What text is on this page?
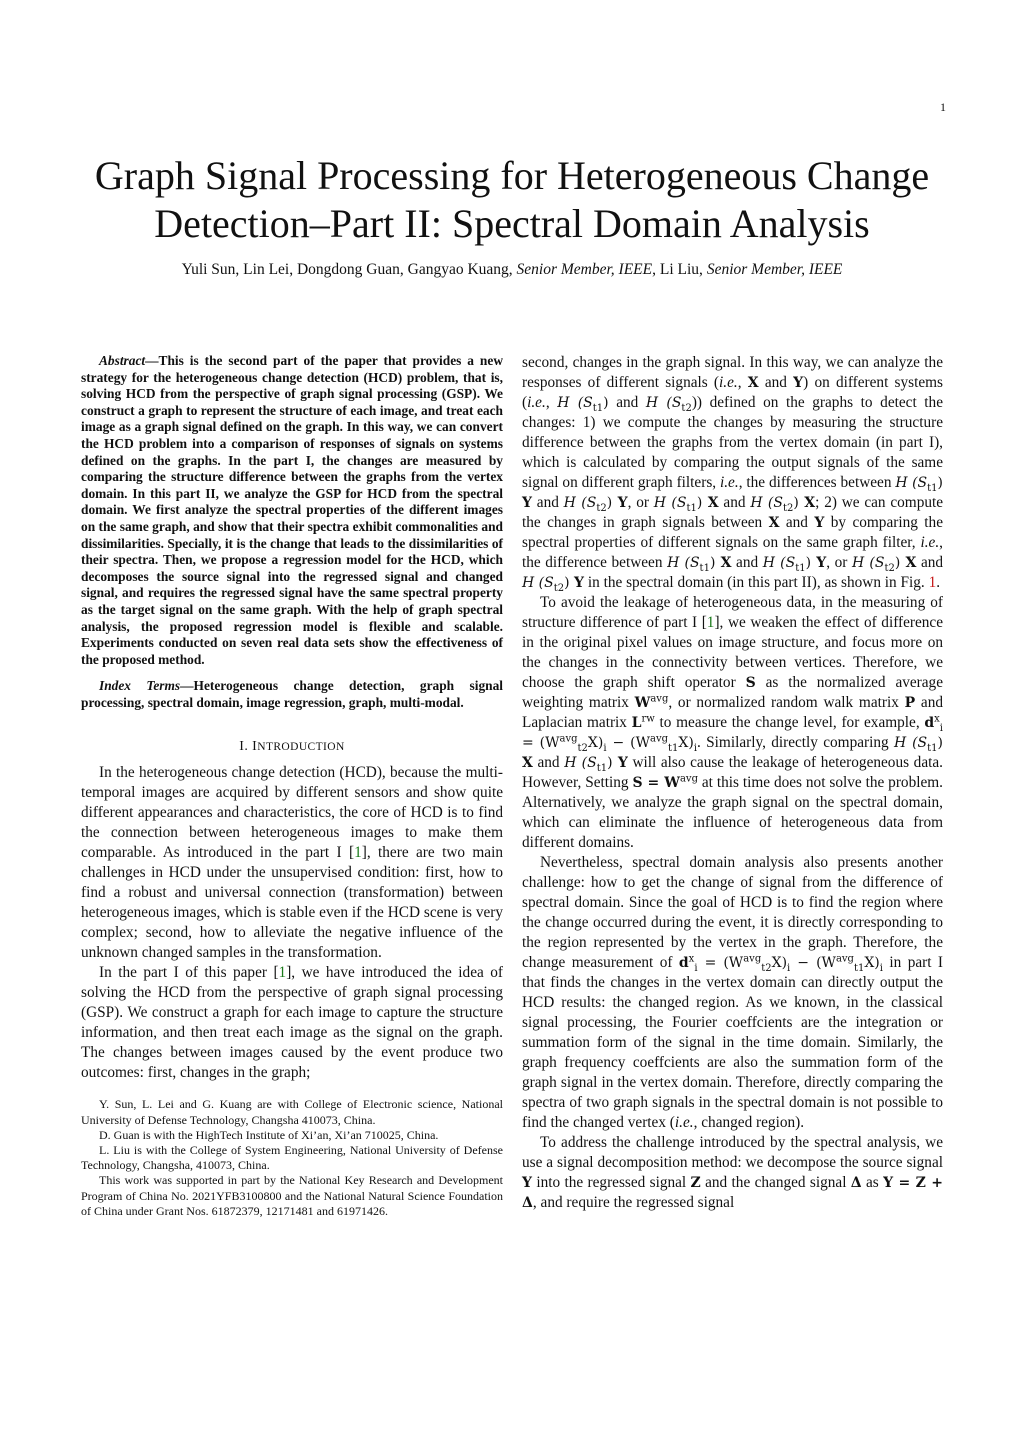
1
Graph Signal Processing for Heterogeneous Change Detection–Part II: Spectral Domain Analysis
Yuli Sun, Lin Lei, Dongdong Guan, Gangyao Kuang, Senior Member, IEEE, Li Liu, Senior Member, IEEE

Abstract—This is the second part of the paper that provides a new strategy for the heterogeneous change detection (HCD) problem, that is, solving HCD from the perspective of graph signal processing (GSP). We construct a graph to represent the structure of each image, and treat each image as a graph signal defined on the graph. In this way, we can convert the HCD problem into a comparison of responses of signals on systems defined on the graphs. In the part I, the changes are measured by comparing the structure difference between the graphs from the vertex domain. In this part II, we analyze the GSP for HCD from the spectral domain. We first analyze the spectral properties of the different images on the same graph, and show that their spectra exhibit commonalities and dissimilarities. Specially, it is the change that leads to the dissimilarities of their spectra. Then, we propose a regression model for the HCD, which decomposes the source signal into the regressed signal and changed signal, and requires the regressed signal have the same spectral property as the target signal on the same graph. With the help of graph spectral analysis, the proposed regression model is flexible and scalable. Experiments conducted on seven real data sets show the effectiveness of the proposed method.

Index Terms—Heterogeneous change detection, graph signal processing, spectral domain, image regression, graph, multi-modal.

I. INTRODUCTION

In the heterogeneous change detection (HCD), because the multi-temporal images are acquired by different sensors and show quite different appearances and characteristics, the core of HCD is to find the connection between heterogeneous images to make them comparable. As introduced in the part I [1], there are two main challenges in HCD under the unsupervised condition: first, how to find a robust and universal connection (transformation) between heterogeneous images, which is stable even if the HCD scene is very complex; second, how to alleviate the negative influence of the unknown changed samples in the transformation.

In the part I of this paper [1], we have introduced the idea of solving the HCD from the perspective of graph signal processing (GSP). We construct a graph for each image to capture the structure information, and then treat each image as the signal on the graph. The changes between images caused by the event produce two outcomes: first, changes in the graph;

Y. Sun, L. Lei and G. Kuang are with College of Electronic science, National University of Defense Technology, Changsha 410073, China.

D. Guan is with the HighTech Institute of Xi’an, Xi’an 710025, China.

L. Liu is with the College of System Engineering, National University of Defense Technology, Changsha, 410073, China.

This work was supported in part by the National Key Research and Development Program of China No. 2021YFB3100800 and the National Natural Science Foundation of China under Grant Nos. 61872379, 12171481 and 61971426.

second, changes in the graph signal. In this way, we can analyze the responses of different signals (i.e., X and Y) on different systems (i.e., H $(S_{t1})$ and H $(S_{t2})$) defined on the graphs to detect the changes: 1) we compute the changes by measuring the structure difference between the graphs from the vertex domain (in part I), which is calculated by comparing the output signals of the same signal on different graph filters, i.e., the differences between H $(S_{t1})$ Y and H $(S_{t2})$ Y, or H $(S_{t1})$ X and H $(S_{t2})$ X; 2) we can compute the changes in graph signals between X and Y by comparing the spectral properties of different signals on the same graph filter, i.e., the difference between H $(S_{t1})$ X and H $(S_{t1})$ Y, or H $(S_{t2})$ X and H $(S_{t2})$ Y in the spectral domain (in this part II), as shown in Fig. 1.

To avoid the leakage of heterogeneous data, in the measuring of structure difference of part I [1], we weaken the effect of difference in the original pixel values on image structure, and focus more on the changes in the connectivity between vertices. Therefore, we choose the graph shift operator S as the normalized average weighting matrix $W^{avg}$, or normalized random walk matrix P and Laplacian matrix $L^{rw}$ to measure the change level, for example, $d^x_i = (W^{avg}_{t2}X)_i - (W^{avg}_{t1}X)_i$. Similarly, directly comparing H $(S_{t1})$ X and H $(S_{t1})$ Y will also cause the leakage of heterogeneous data. However, Setting $S = W^{avg}$ at this time does not solve the problem. Alternatively, we analyze the graph signal on the spectral domain, which can eliminate the influence of heterogeneous data from different domains.

Nevertheless, spectral domain analysis also presents another challenge: how to get the change of signal from the difference of spectral domain. Since the goal of HCD is to find the region where the change occurred during the event, it is directly corresponding to the region represented by the vertex in the graph. Therefore, the change measurement of $d^x_i = (W^{avg}_{t2}X)_i - (W^{avg}_{t1}X)_i$ in part I that finds the changes in the vertex domain can directly output the HCD results: the changed region. As we known, in the classical signal processing, the Fourier coeffcients are the integration or summation form of the signal in the time domain. Similarly, the graph frequency coeffcients are also the summation form of the graph signal in the vertex domain. Therefore, directly comparing the spectra of two graph signals in the spectral domain is not possible to find the changed vertex (i.e., changed region).

To address the challenge introduced by the spectral analysis, we use a signal decomposition method: we decompose the source signal Y into the regressed signal Z and the changed signal Δ as Y = Z + Δ, and require the regressed signal
